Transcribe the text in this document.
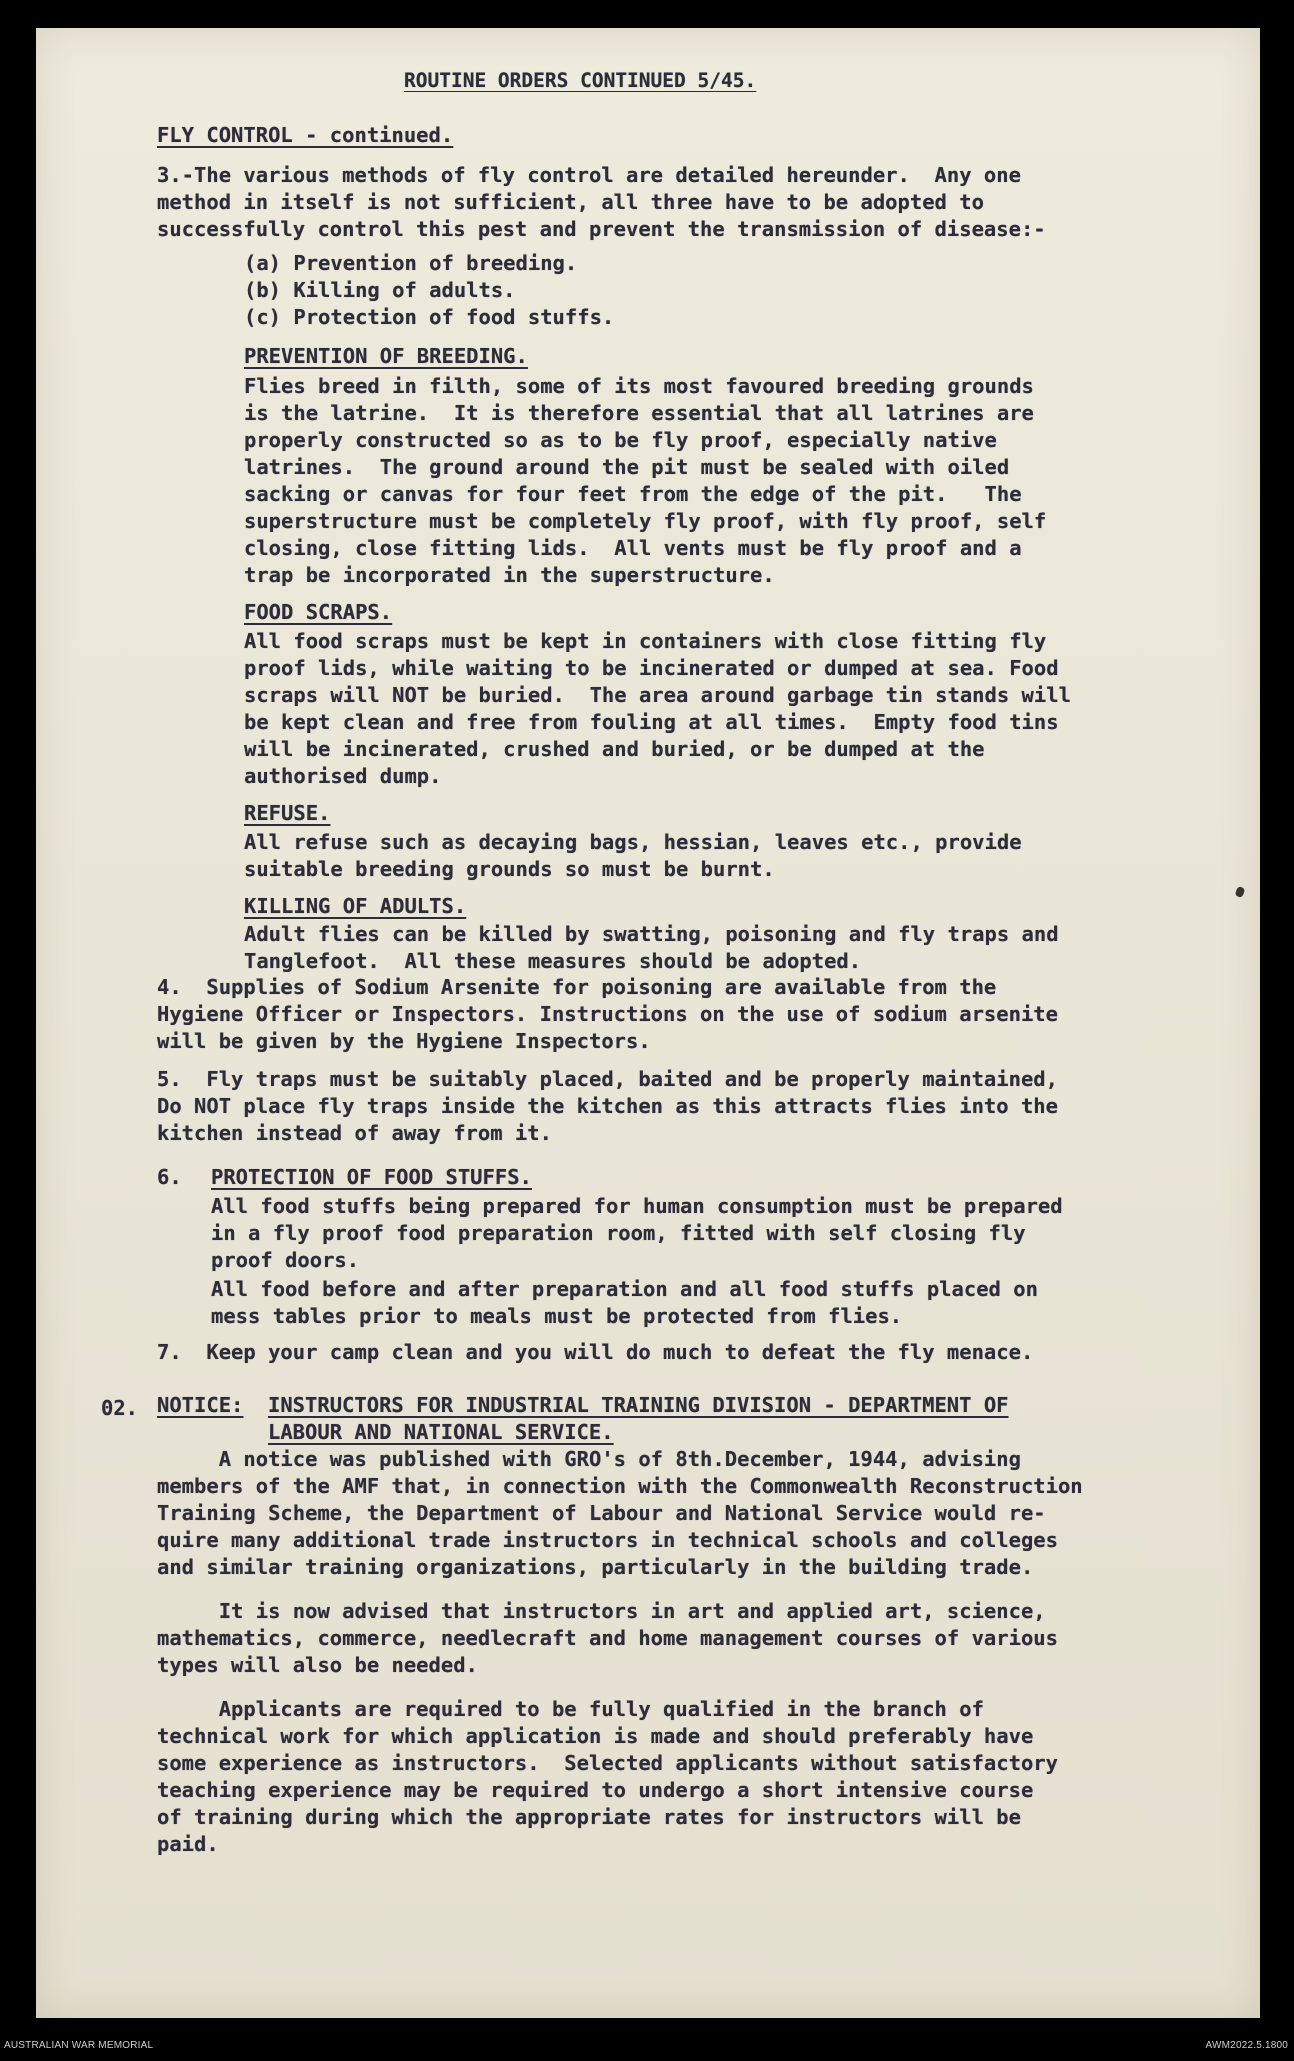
ROUTINE ORDERS CONTINUED 5/45.
FLY CONTROL - continued.
3.-The various methods of fly control are detailed hereunder.  Any one
method in itself is not sufficient, all three have to be adopted to
successfully control this pest and prevent the transmission of disease:-
(a) Prevention of breeding.
(b) Killing of adults.
(c) Protection of food stuffs.
PREVENTION OF BREEDING.
Flies breed in filth, some of its most favoured breeding grounds
is the latrine.  It is therefore essential that all latrines are
properly constructed so as to be fly proof, especially native
latrines.  The ground around the pit must be sealed with oiled
sacking or canvas for four feet from the edge of the pit.   The
superstructure must be completely fly proof, with fly proof, self
closing, close fitting lids.  All vents must be fly proof and a
trap be incorporated in the superstructure.
FOOD SCRAPS.
All food scraps must be kept in containers with close fitting fly
proof lids, while waiting to be incinerated or dumped at sea. Food
scraps will NOT be buried.  The area around garbage tin stands will
be kept clean and free from fouling at all times.  Empty food tins
will be incinerated, crushed and buried, or be dumped at the
authorised dump.
REFUSE.
All refuse such as decaying bags, hessian, leaves etc., provide
suitable breeding grounds so must be burnt.
KILLING OF ADULTS.
Adult flies can be killed by swatting, poisoning and fly traps and
Tanglefoot.  All these measures should be adopted.
4.  Supplies of Sodium Arsenite for poisoning are available from the
Hygiene Officer or Inspectors. Instructions on the use of sodium arsenite
will be given by the Hygiene Inspectors.
5.  Fly traps must be suitably placed, baited and be properly maintained,
Do NOT place fly traps inside the kitchen as this attracts flies into the
kitchen instead of away from it.
6. PROTECTION OF FOOD STUFFS.
All food stuffs being prepared for human consumption must be prepared
in a fly proof food preparation room, fitted with self closing fly
proof doors.
All food before and after preparation and all food stuffs placed on
mess tables prior to meals must be protected from flies.
7.  Keep your camp clean and you will do much to defeat the fly menace.
02. NOTICE: INSTRUCTORS FOR INDUSTRIAL TRAINING DIVISION - DEPARTMENT OF
LABOUR AND NATIONAL SERVICE.
A notice was published with GRO's of 8th.December, 1944, advising
members of the AMF that, in connection with the Commonwealth Reconstruction
Training Scheme, the Department of Labour and National Service would re-
quire many additional trade instructors in technical schools and colleges
and similar training organizations, particularly in the building trade.
It is now advised that instructors in art and applied art, science,
mathematics, commerce, needlecraft and home management courses of various
types will also be needed.
Applicants are required to be fully qualified in the branch of
technical work for which application is made and should preferably have
some experience as instructors.  Selected applicants without satisfactory
teaching experience may be required to undergo a short intensive course
of training during which the appropriate rates for instructors will be
paid.
AUSTRALIAN WAR MEMORIAL	AWM2022.5.1800
